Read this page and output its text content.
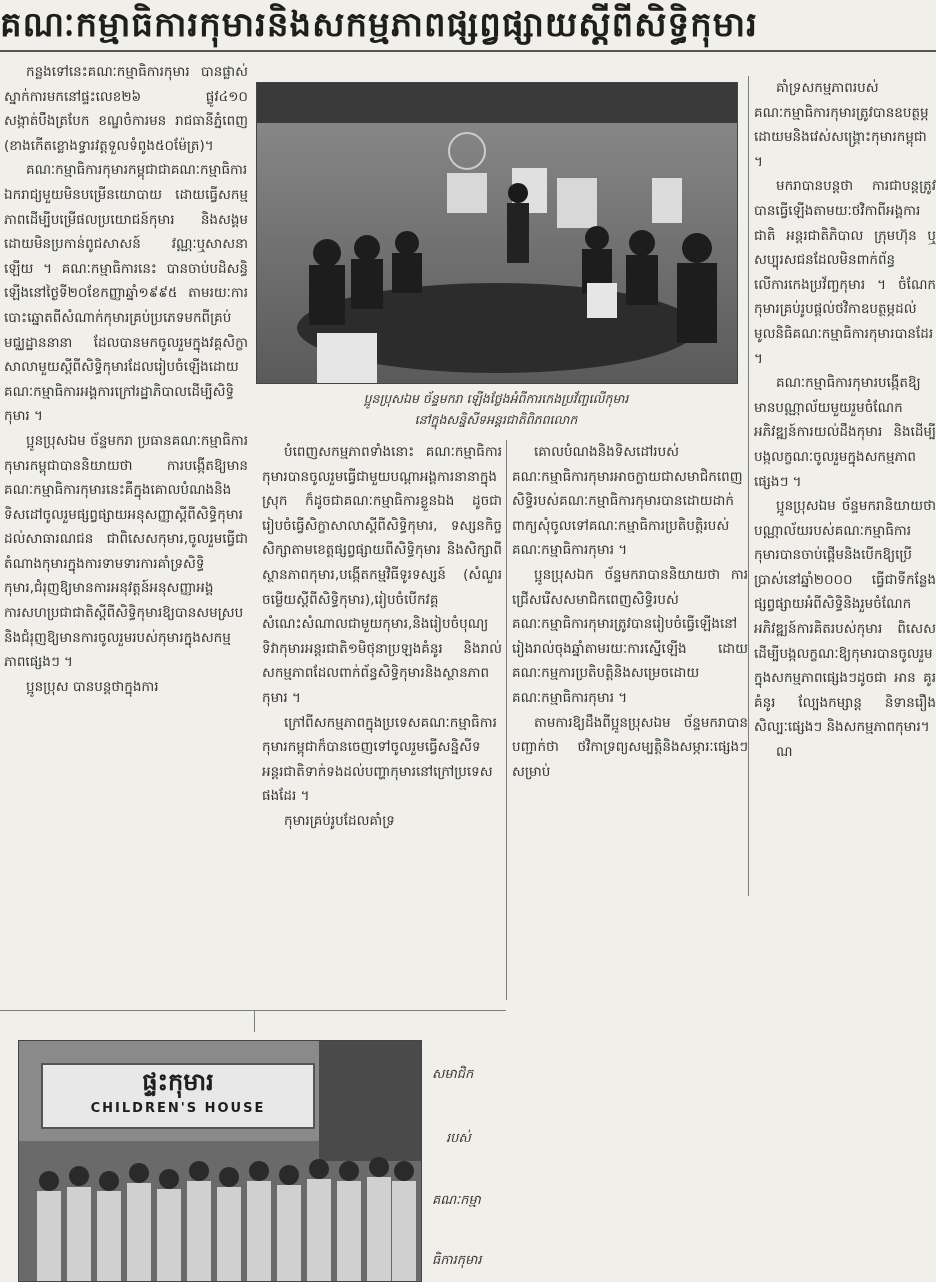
គណៈកម្មាធិការកុមារនិងសកម្មភាពផ្សព្វផ្សាយស្តីពីសិទ្ធិកុមារ

កន្លងទៅនេះគណៈកម្មាធិការកុមារ បានផ្លាស់ស្នាក់ការមកនៅផ្ទះលេខ២៦ ផ្លូវ៤១០ សង្កាត់បឹងត្របែក ខណ្ឌចំការមន រាជធានីភ្នំពេញ (ខាងកើតខ្លោងទ្វារវត្តទួលទំពូង៥០ម៉ែត្រ)។

គណៈកម្មាធិការកុមារកម្ពុជាជាគណៈកម្មាធិការឯករាជ្យមួយមិនបម្រើនយោបាយ ដោយធ្វើសកម្មភាពដើម្បីបម្រើផលប្រយោជន៍កុមារ និងសង្គម ដោយមិនប្រកាន់ពូជសាសន៍ វណ្ណៈឬសាសនាឡើយ ។ គណៈកម្មាធិការនេះ បានចាប់បដិសន្ធិឡើងនៅថ្ងៃទី២០ខែកញ្ញាឆ្នាំ១៩៩៥ តាមរយៈការបោះឆ្នោតពីសំណាក់កុមារគ្រប់ប្រភេទមកពីគ្រប់មជ្ឈដ្ឋាននានា ដែលបានមកចូលរួមក្នុងវគ្គសិក្ខាសាលាមួយស្តីពីសិទ្ធិកុមារដែលរៀបចំឡើងដោយគណៈកម្មាធិការអង្គការក្រៅរដ្ឋាភិបាលដើម្បីសិទ្ធិកុមារ ។

ប្អូនប្រុសឯម ច័ន្ទមករា ប្រធានគណៈកម្មាធិការកុមារកម្ពុជាបាននិយាយថា ការបង្កើតឱ្យមានគណៈកម្មាធិការកុមារនេះគឺក្នុងគោលបំណងនិងទិសដៅចូលរួមផ្សព្វផ្សាយអនុសញ្ញាស្តីពីសិទ្ធិកុមារដល់សាធារណជន ជាពិសេសកុមារ,ចូលរួមធ្វើជាតំណាងកុមារក្នុងការទាមទារការគាំទ្រសិទ្ធិកុមារ,ជំរុញឱ្យមានការអនុវត្តន៍អនុសញ្ញាអង្គការសហប្រជាជាតិស្តីពីសិទ្ធិកុមារឱ្យបានសមស្របនិងជំរុញឱ្យមានការចូលរួមរបស់កុមារក្នុងសកម្មភាពផ្សេងៗ ។

ប្អូនប្រុស បានបន្តថាក្នុងការ

ប្អូនប្រុសឯម ច័ន្ទមករា ឡើងថ្លែងអំពីការកេងប្រវ័ញ្ចលើកុមារ
នៅក្នុងសន្និសីទអន្តរជាតិពិភពលោក

បំពេញសកម្មភាពទាំងនោះ គណៈកម្មាធិការកុមារបានចូលរួមធ្វើជាមួយបណ្តាអង្គការនានាក្នុងស្រុក ក៏ដូចជាគណៈកម្មាធិការខ្លួនឯង ដូចជារៀបចំធ្វើសិក្ខាសាលាស្តីពីសិទ្ធិកុមារ, ទស្សនកិច្ចសិក្សាតាមខេត្តផ្សព្វផ្សាយពីសិទ្ធិកុមារ និងសិក្សាពីស្ថានភាពកុមារ,បង្កើតកម្មវិធីទូរទស្សន៍ (សំណួរចម្លើយស្តីពីសិទ្ធិកុមារ),រៀបចំបើកវគ្គសំណេះសំណាលជាមួយកុមារ,និងរៀបចំបុណ្យទិវាកុមារអន្តរជាតិ១មិថុនាប្រឡងគំនូរ និងរាល់សកម្មភាពដែលពាក់ព័ន្ធសិទ្ធិកុមារនិងស្ថានភាពកុមារ ។

ក្រៅពីសកម្មភាពក្នុងប្រទេសគណៈកម្មាធិការកុមារកម្ពុជាក៏បានចេញទៅចូលរួមធ្វើសន្និសីទអន្តរជាតិទាក់ទងដល់បញ្ហាកុមារនៅក្រៅប្រទេសផងដែរ ។

កុមារគ្រប់រូបដែលគាំទ្រ

គោលបំណងនិងទិសដៅរបស់គណៈកម្មាធិការកុមារអាចក្លាយជាសមាជិកពេញសិទ្ធិរបស់គណៈកម្មាធិការកុមារបានដោយដាក់ពាក្យសុំចូលទៅគណៈកម្មាធិការប្រតិបត្តិរបស់គណៈកម្មាធិការកុមារ ។

ប្អូនប្រុសឯក ច័ន្ទមករាបាននិយាយថា ការជ្រើសរើសសមាជិកពេញសិទ្ធិរបស់គណៈកម្មាធិការកុមារត្រូវបានរៀបចំធ្វើឡើងនៅរៀងរាល់ចុងឆ្នាំតាមរយៈការស្នើឡើង ដោយគណៈកម្មការប្រតិបត្តិនិងសម្រេចដោយគណៈកម្មាធិការកុមារ ។

តាមការឱ្យដឹងពីប្អូនប្រុសឯម ច័ន្ទមករាបានបញ្ជាក់ថា ថវិកាទ្រព្យសម្បត្តិនិងសម្ភារៈផ្សេងៗសម្រាប់

គាំទ្រសកម្មភាពរបស់គណៈកម្មាធិការកុមារត្រូវបានឧបត្ថម្ភដោយមនិងវេស់សង្គ្រោះកុមារកម្ពុជា ។

មករាបានបន្តថា ការជាបន្តត្រូវបានធ្វើឡើងតាមយៈថវិកាពីអង្គការជាតិ អន្តរជាតិភិបាល ក្រុមហ៊ុន ឬសប្បុរសជនដែលមិនពាក់ព័ន្ធលើការកេងប្រវ័ញ្ចកុមារ ។ ចំណែកកុមារគ្រប់រូបផ្តល់ថវិកាឧបត្ថម្ភដល់មូលនិធិគណៈកម្មាធិការកុមារបានដែរ ។

គណៈកម្មាធិការកុមារបង្កើតឱ្យមានបណ្ណាល័យមួយរួមចំណែកអភិវឌ្ឍន៍ការយល់ដឹងកុមារ និងដើម្បីបង្កលក្ខណៈចូលរួមក្នុងសកម្មភាពផ្សេងៗ ។

ប្អូនប្រុសឯម ច័ន្ទមករានិយាយថា បណ្ណាល័យរបស់គណៈកម្មាធិការកុមារបានចាប់ផ្តើមនិងបើកឱ្យប្រើប្រាស់នៅឆ្នាំ២០០០ ធ្វើជាទីកន្លែងផ្សព្វផ្សាយអំពីសិទ្ធិនិងរួមចំណែកអភិវឌ្ឍន៍ការគិតរបស់កុមារ ពិសេសដើម្បីបង្កលក្ខណៈឱ្យកុមារបានចូលរួមក្នុងសកម្មភាពផ្សេងៗដូចជា អាន គូរគំនូរ ល្បែងកម្សាន្ត និទានរឿង សិល្បៈផ្សេងៗ និងសកម្មភាពកុមារ។

ណ

ផ្ទះកុមារ
CHILDREN'S HOUSE
សមាជិក
របស់
គណៈកម្មា
ធិការកុមារ
